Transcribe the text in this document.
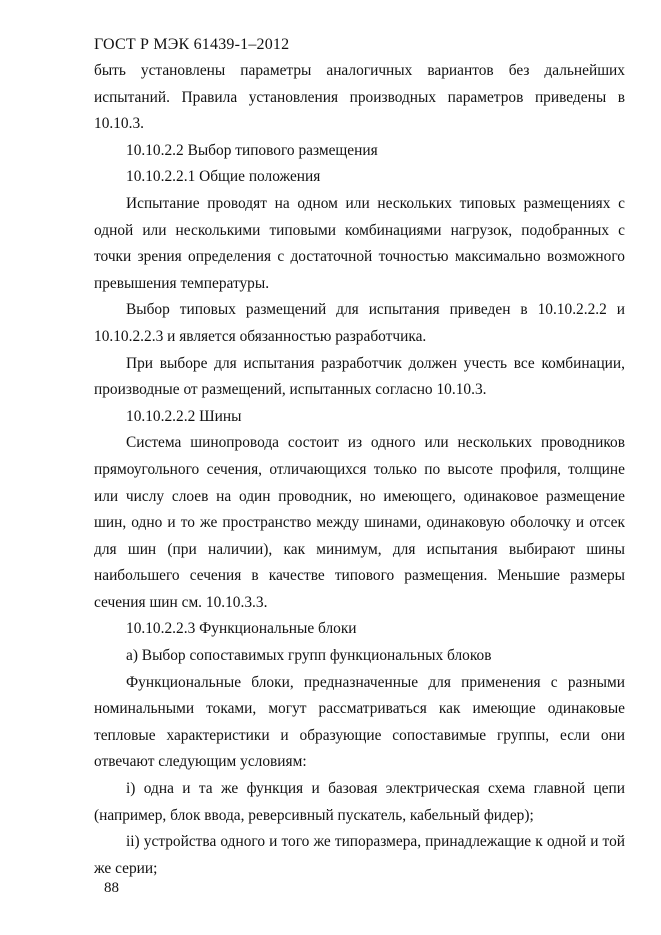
ГОСТ Р МЭК 61439-1–2012

быть установлены параметры аналогичных вариантов без дальнейших испытаний. Правила установления производных параметров приведены в 10.10.3.

10.10.2.2 Выбор типового размещения

10.10.2.2.1 Общие положения

Испытание проводят на одном или нескольких типовых размещениях с одной или несколькими типовыми комбинациями нагрузок, подобранных с точки зрения определения с достаточной точностью максимально возможного превышения температуры.

Выбор типовых размещений для испытания приведен в 10.10.2.2.2 и 10.10.2.2.3 и является обязанностью разработчика.

При выборе для испытания разработчик должен учесть все комбинации, производные от размещений, испытанных согласно 10.10.3.

10.10.2.2.2 Шины

Система шинопровода состоит из одного или нескольких проводников прямоугольного сечения, отличающихся только по высоте профиля, толщине или числу слоев на один проводник, но имеющего, одинаковое размещение шин, одно и то же пространство между шинами, одинаковую оболочку и отсек для шин (при наличии), как минимум, для испытания выбирают шины наибольшего сечения в качестве типового размещения. Меньшие размеры сечения шин см. 10.10.3.3.

10.10.2.2.3 Функциональные блоки

а) Выбор сопоставимых групп функциональных блоков

Функциональные блоки, предназначенные для применения с разными номинальными токами, могут рассматриваться как имеющие одинаковые тепловые характеристики и образующие сопоставимые группы, если они отвечают следующим условиям:

i) одна и та же функция и базовая электрическая схема главной цепи (например, блок ввода, реверсивный пускатель, кабельный фидер);

ii) устройства одного и того же типоразмера, принадлежащие к одной и той же серии;

88
